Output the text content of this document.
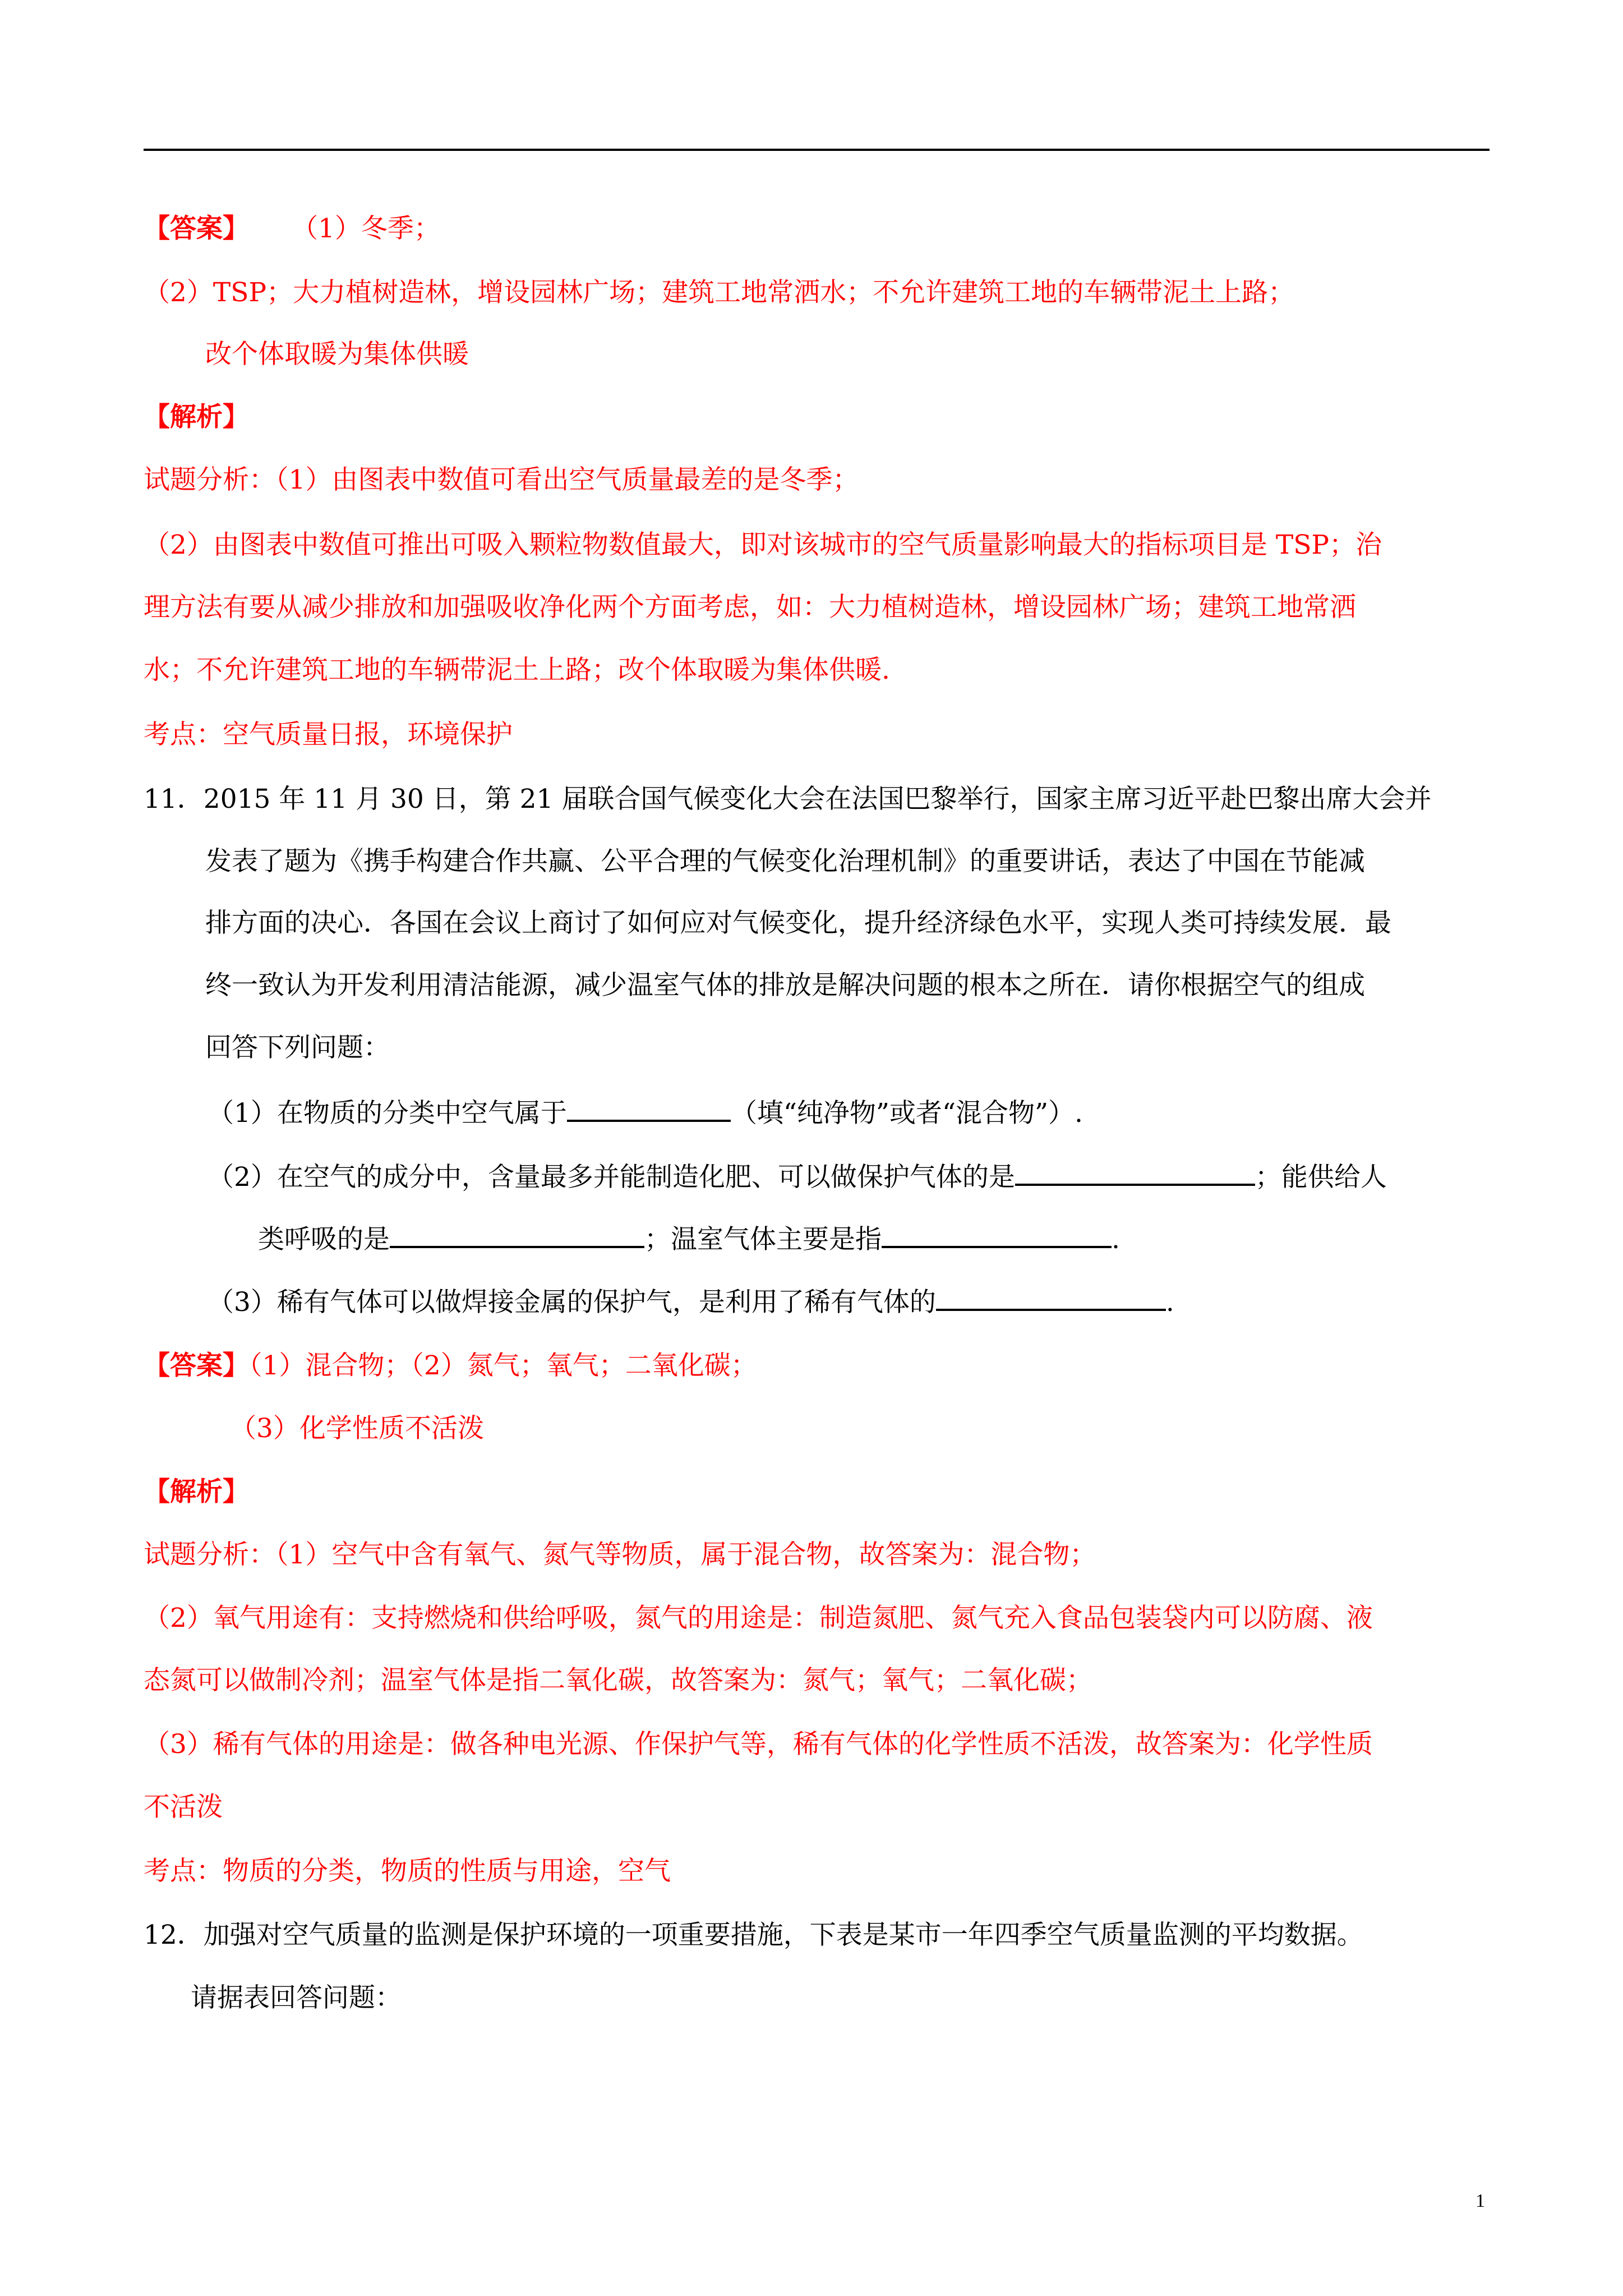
【答案】 （1）冬季；
（2）TSP；大力植树造林，增设园林广场；建筑工地常洒水；不允许建筑工地的车辆带泥土上路；
改个体取暖为集体供暖
【解析】
试题分析：（1）由图表中数值可看出空气质量最差的是冬季；
（2）由图表中数值可推出可吸入颗粒物数值最大，即对该城市的空气质量影响最大的指标项目是 TSP；治
理方法有要从减少排放和加强吸收净化两个方面考虑，如：大力植树造林，增设园林广场；建筑工地常洒
水；不允许建筑工地的车辆带泥土上路；改个体取暖为集体供暖.
考点：空气质量日报，环境保护
11．2015 年 11 月 30 日，第 21 届联合国气候变化大会在法国巴黎举行，国家主席习近平赴巴黎出席大会并
发表了题为《携手构建合作共赢、公平合理的气候变化治理机制》的重要讲话，表达了中国在节能减
排方面的决心．各国在会议上商讨了如何应对气候变化，提升经济绿色水平，实现人类可持续发展．最
终一致认为开发利用清洁能源，减少温室气体的排放是解决问题的根本之所在．请你根据空气的组成
回答下列问题：
（1）在物质的分类中空气属于	（填“纯净物”或者“混合物”）.
（2）在空气的成分中，含量最多并能制造化肥、可以做保护气体的是	；能供给人
类呼吸的是	；温室气体主要是指	.
（3）稀有气体可以做焊接金属的保护气，是利用了稀有气体的	.
【答案】（1）混合物；（2）氮气；氧气；二氧化碳；
（3）化学性质不活泼
【解析】
试题分析：（1）空气中含有氧气、氮气等物质，属于混合物，故答案为：混合物；
（2）氧气用途有：支持燃烧和供给呼吸，氮气的用途是：制造氮肥、氮气充入食品包装袋内可以防腐、液
态氮可以做制冷剂；温室气体是指二氧化碳，故答案为：氮气；氧气；二氧化碳；
（3）稀有气体的用途是：做各种电光源、作保护气等，稀有气体的化学性质不活泼，故答案为：化学性质
不活泼
考点：物质的分类，物质的性质与用途，空气
12．加强对空气质量的监测是保护环境的一项重要措施，下表是某市一年四季空气质量监测的平均数据。
请据表回答问题：
1
